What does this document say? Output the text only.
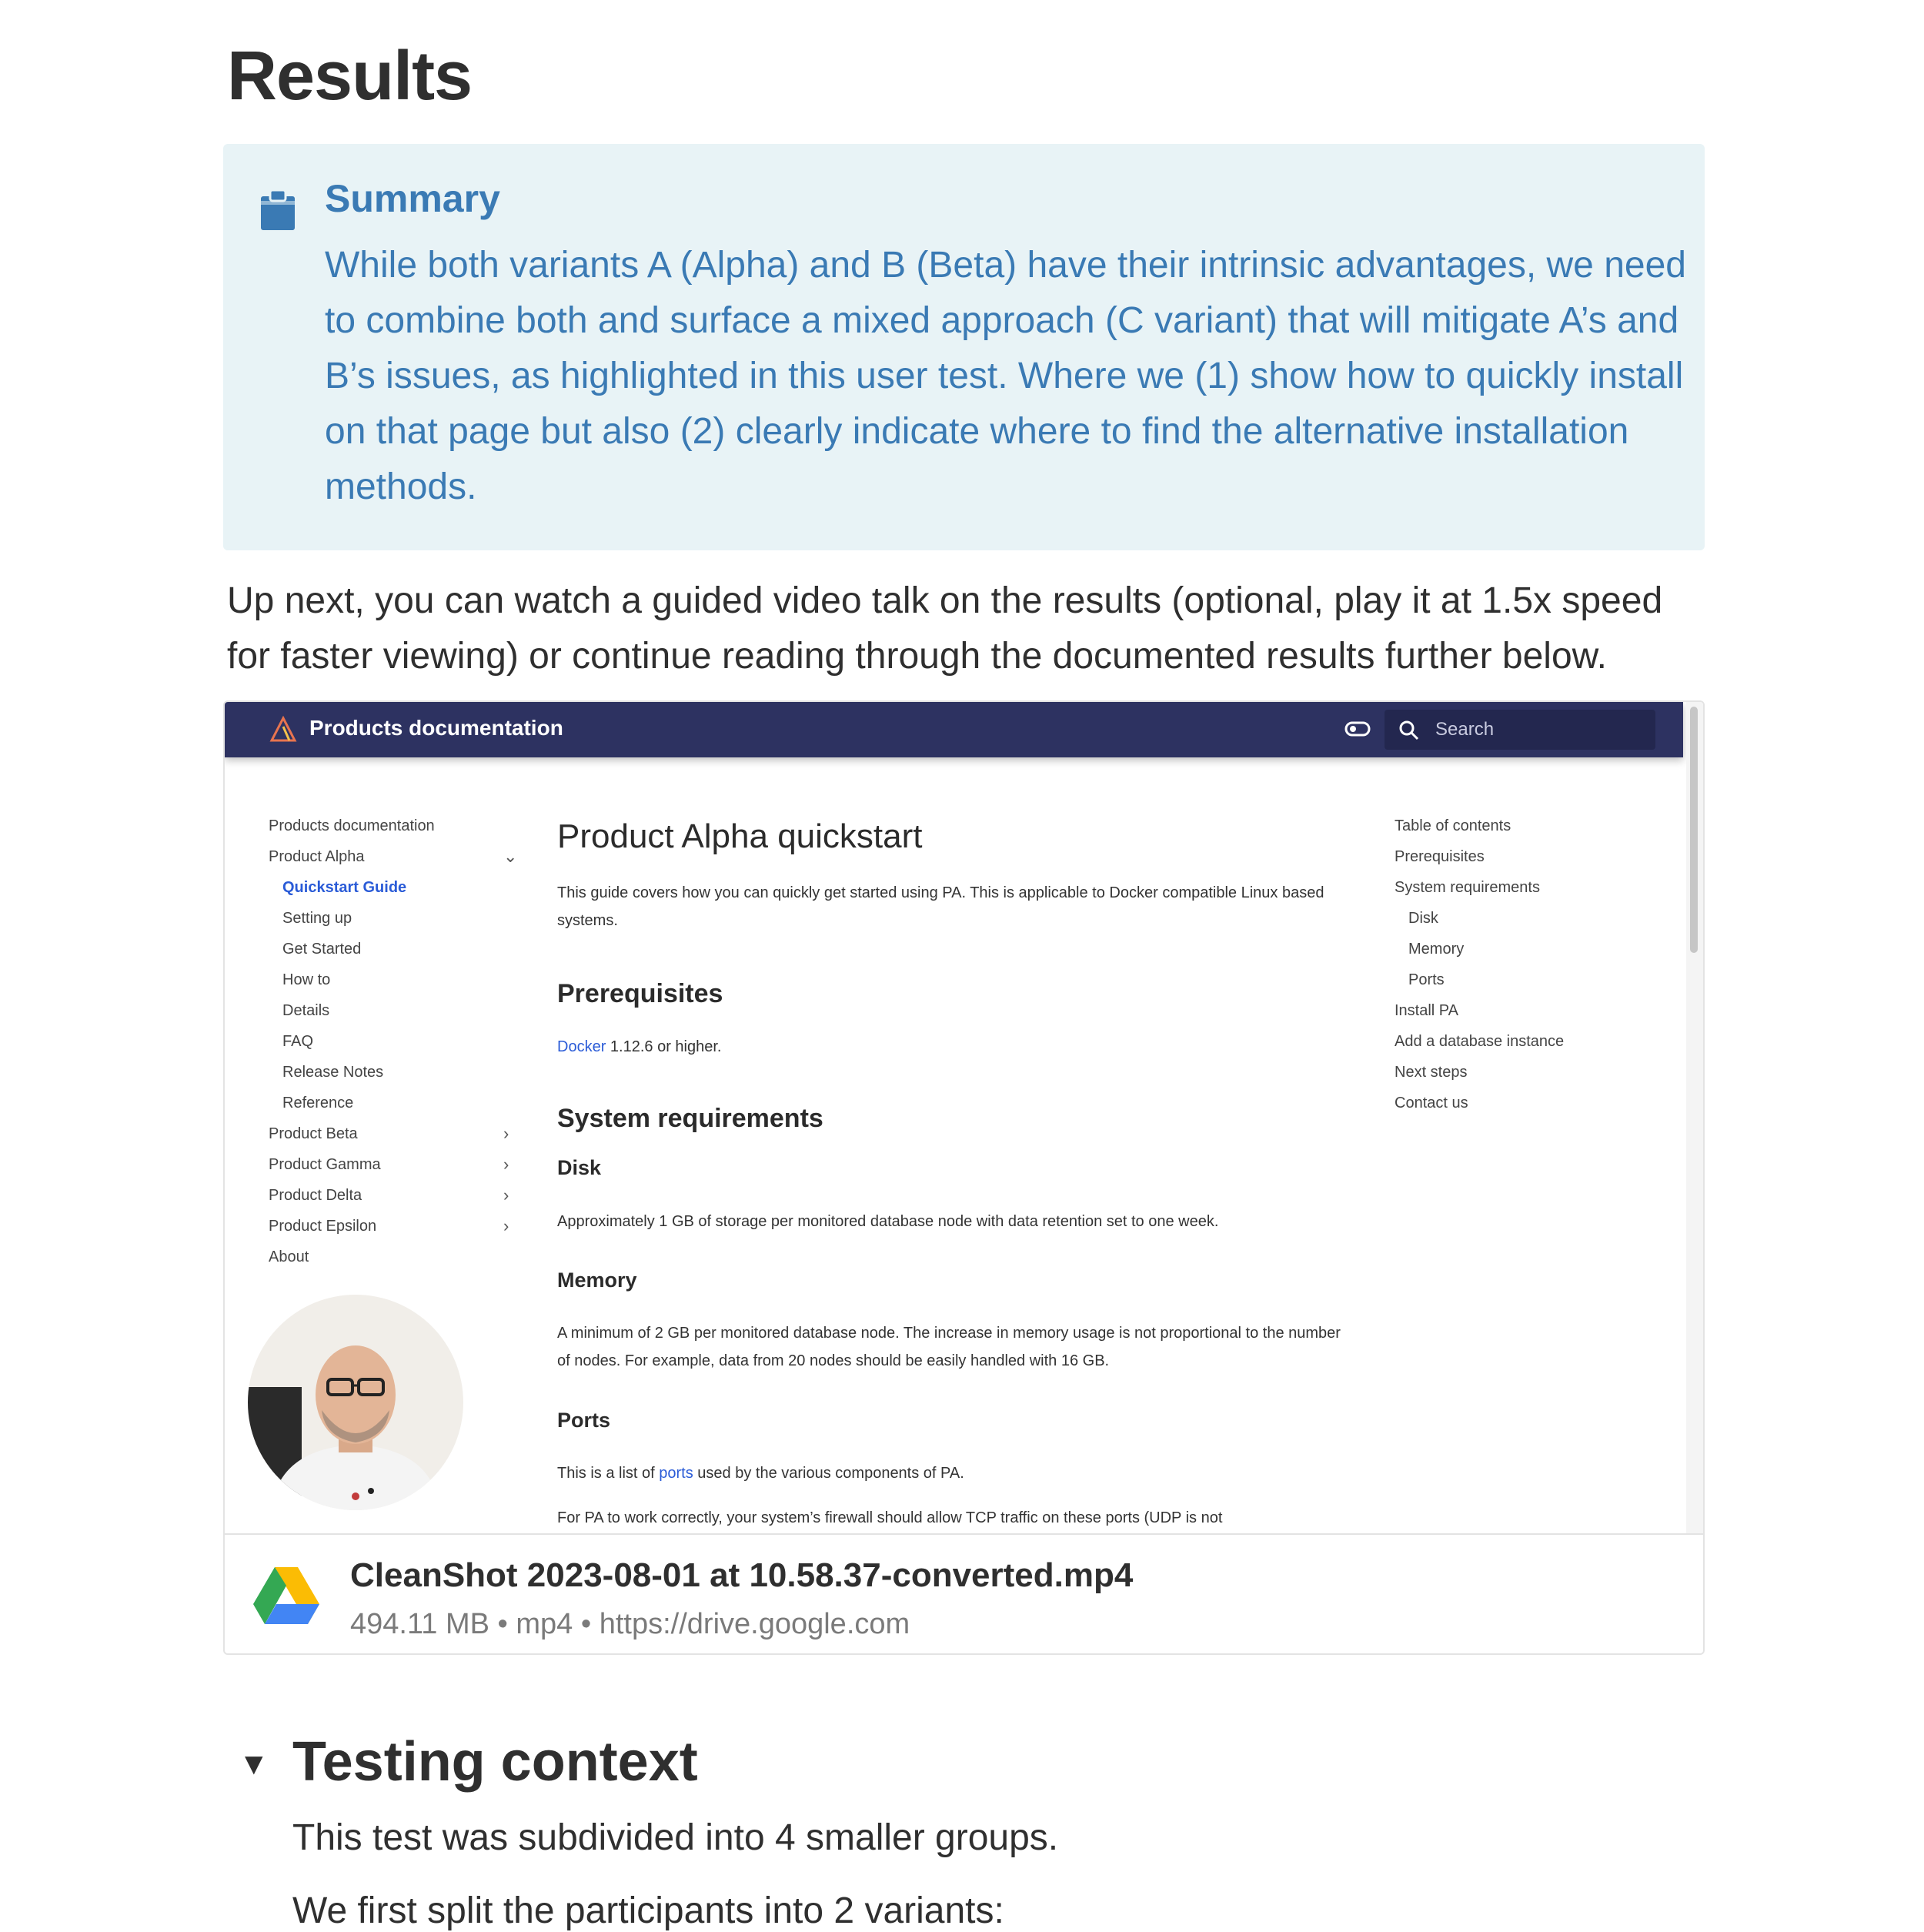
Results
Summary
While both variants A (Alpha) and B (Beta) have their intrinsic advantages, we need to combine both and surface a mixed approach (C variant) that will mitigate A’s and B’s issues, as highlighted in this user test. Where we (1) show how to quickly install on that page but also (2) clearly indicate where to find the alternative installation methods.

Up next, you can watch a guided video talk on the results (optional, play it at 1.5x speed for faster viewing) or continue reading through the documented results further below.

Products documentation	Search
Products documentation
Product Alpha	⌄
Quickstart Guide
Setting up
Get Started
How to
Details
FAQ
Release Notes
Reference
Product Beta	›
Product Gamma	›
Product Delta	›
Product Epsilon	›
About
Product Alpha quickstart
This guide covers how you can quickly get started using PA. This is applicable to Docker compatible Linux based systems.
Prerequisites
Docker 1.12.6 or higher.
System requirements
Disk
Approximately 1 GB of storage per monitored database node with data retention set to one week.
Memory
A minimum of 2 GB per monitored database node. The increase in memory usage is not proportional to the number of nodes. For example, data from 20 nodes should be easily handled with 16 GB.
Ports
This is a list of ports used by the various components of PA.
For PA to work correctly, your system’s firewall should allow TCP traffic on these ports (UDP is not
Table of contents
Prerequisites
System requirements
Disk
Memory
Ports
Install PA
Add a database instance
Next steps
Contact us
CleanShot 2023-08-01 at 10.58.37-converted.mp4
494.11 MB • mp4 • https://drive.google.com
▼ Testing context

This test was subdivided into 4 smaller groups.

We first split the participants into 2 variants:
